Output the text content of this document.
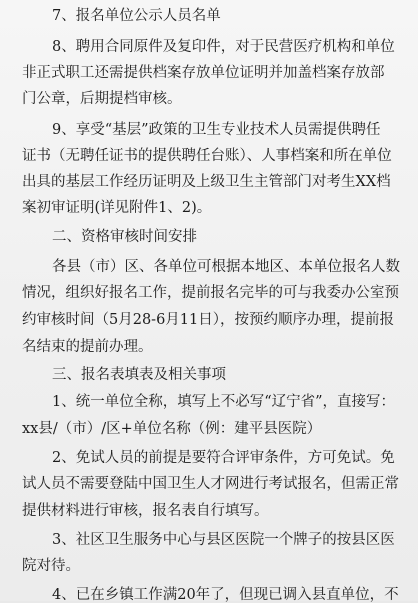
7、报名单位公示人员名单
8、聘用合同原件及复印件，对于民营医疗机构和单位
非正式职工还需提供档案存放单位证明并加盖档案存放部
门公章，后期提档审核。
9、享受“基层”政策的卫生专业技术人员需提供聘任
证书（无聘任证书的提供聘任台账）、人事档案和所在单位
出具的基层工作经历证明及上级卫生主管部门对考生XX档
案初审证明(详见附件1、2)。
二、资格审核时间安排
各县（市）区、各单位可根据本地区、本单位报名人数
情况，组织好报名工作，提前报名完毕的可与我委办公室预
约审核时间（5月28-6月11日），按预约顺序办理，提前报
名结束的提前办理。
三、报名表填表及相关事项
1、统一单位全称，填写上不必写“辽宁省”，直接写：
xx县/（市）/区+单位名称（例：建平县医院）
2、免试人员的前提是要符合评审条件，方可免试。免
试人员不需要登陆中国卫生人才网进行考试报名，但需正常
提供材料进行审核，报名表自行填写。
3、社区卫生服务中心与县区医院一个牌子的按县区医
院对待。
4、已在乡镇工作满20年了，但现已调入县直单位，不
